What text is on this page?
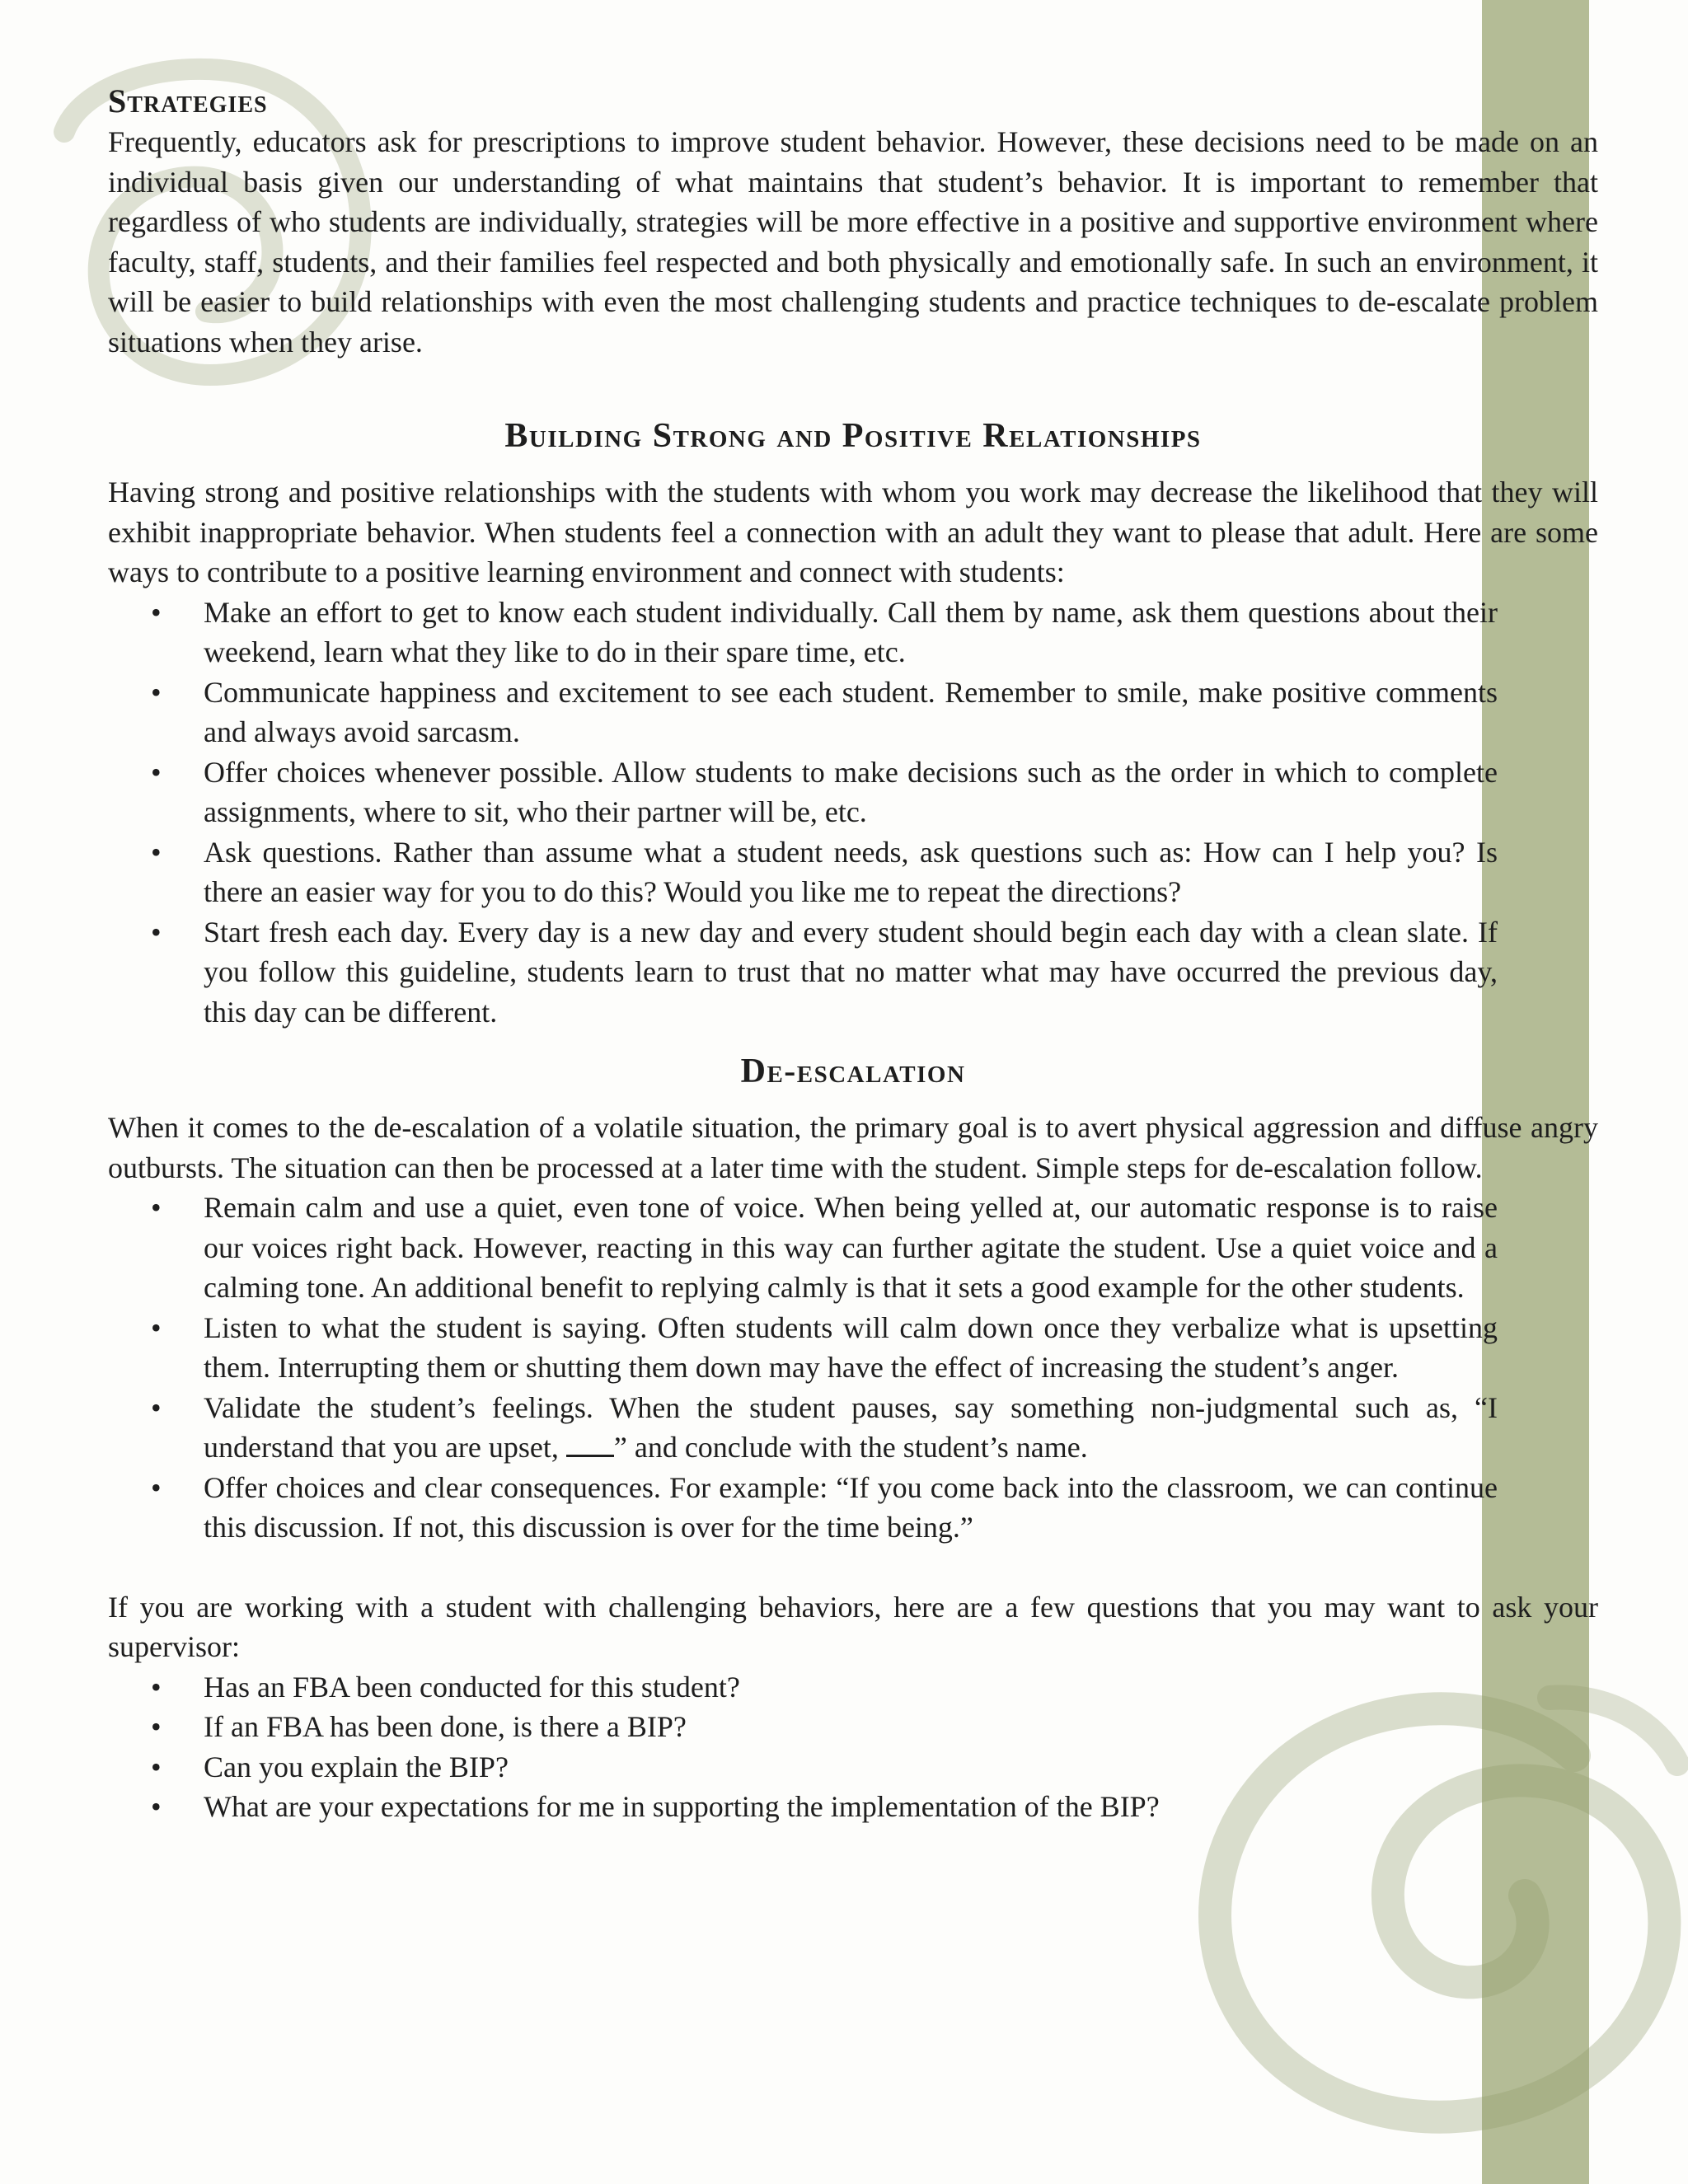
Strategies

Frequently, educators ask for prescriptions to improve student behavior. However, these decisions need to be made on an individual basis given our understanding of what maintains that student’s behavior. It is important to remember that regardless of who students are individually, strategies will be more effective in a positive and supportive environment where faculty, staff, students, and their families feel respected and both physically and emotionally safe. In such an environment, it will be easier to build relationships with even the most challenging students and practice techniques to de-escalate problem situations when they arise.

Building Strong and Positive Relationships

Having strong and positive relationships with the students with whom you work may decrease the likelihood that they will exhibit inappropriate behavior. When students feel a connection with an adult they want to please that adult. Here are some ways to contribute to a positive learning environment and connect with students:

• Make an effort to get to know each student individually. Call them by name, ask them questions about their weekend, learn what they like to do in their spare time, etc.
• Communicate happiness and excitement to see each student. Remember to smile, make positive comments and always avoid sarcasm.
• Offer choices whenever possible. Allow students to make decisions such as the order in which to complete assignments, where to sit, who their partner will be, etc.
• Ask questions. Rather than assume what a student needs, ask questions such as: How can I help you? Is there an easier way for you to do this? Would you like me to repeat the directions?
• Start fresh each day. Every day is a new day and every student should begin each day with a clean slate. If you follow this guideline, students learn to trust that no matter what may have occurred the previous day, this day can be different.
De-escalation

When it comes to the de-escalation of a volatile situation, the primary goal is to avert physical aggression and diffuse angry outbursts. The situation can then be processed at a later time with the student. Simple steps for de-escalation follow.

• Remain calm and use a quiet, even tone of voice. When being yelled at, our automatic response is to raise our voices right back. However, reacting in this way can further agitate the student. Use a quiet voice and a calming tone. An additional benefit to replying calmly is that it sets a good example for the other students.
• Listen to what the student is saying. Often students will calm down once they verbalize what is upsetting them. Interrupting them or shutting them down may have the effect of increasing the student’s anger.
• Validate the student’s feelings. When the student pauses, say something non-judgmental such as, “I understand that you are upset, ” and conclude with the student’s name.
• Offer choices and clear consequences. For example: “If you come back into the classroom, we can continue this discussion. If not, this discussion is over for the time being.”

If you are working with a student with challenging behaviors, here are a few questions that you may want to ask your supervisor:

• Has an FBA been conducted for this student?
• If an FBA has been done, is there a BIP?
• Can you explain the BIP?
• What are your expectations for me in supporting the implementation of the BIP?
